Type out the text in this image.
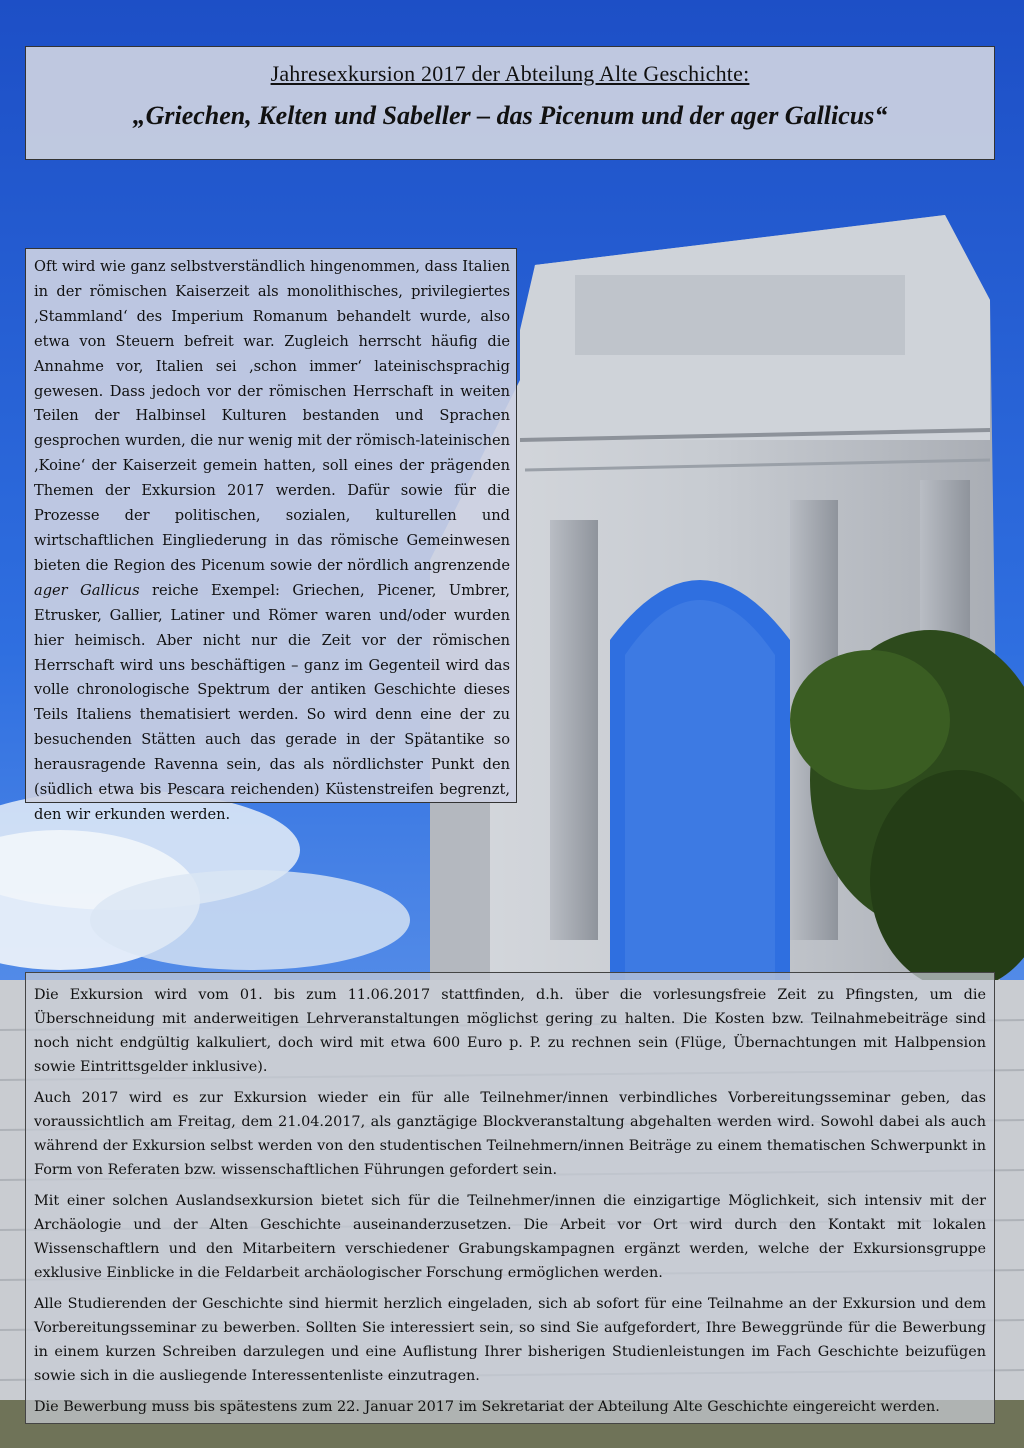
Jahresexkursion 2017 der Abteilung Alte Geschichte:
„Griechen, Kelten und Sabeller – das Picenum und der ager Gallicus“

Oft wird wie ganz selbstverständlich hingenommen, dass Italien in der römischen Kaiserzeit als monolithisches, privilegiertes ‚Stammland‘ des Imperium Romanum behandelt wurde, also etwa von Steuern befreit war. Zugleich herrscht häufig die Annahme vor, Italien sei ‚schon immer‘ lateinischsprachig gewesen. Dass jedoch vor der römischen Herrschaft in weiten Teilen der Halbinsel Kulturen bestanden und Sprachen gesprochen wurden, die nur wenig mit der römisch-lateinischen ‚Koine‘ der Kaiserzeit gemein hatten, soll eines der prägenden Themen der Exkursion 2017 werden. Dafür sowie für die Prozesse der politischen, sozialen, kulturellen und wirtschaftlichen Eingliederung in das römische Gemeinwesen bieten die Region des Picenum sowie der nördlich angrenzende ager Gallicus reiche Exempel: Griechen, Picener, Umbrer, Etrusker, Gallier, Latiner und Römer waren und/oder wurden hier heimisch. Aber nicht nur die Zeit vor der römischen Herrschaft wird uns beschäftigen – ganz im Gegenteil wird das volle chronologische Spektrum der antiken Geschichte dieses Teils Italiens thematisiert werden. So wird denn eine der zu besuchenden Stätten auch das gerade in der Spätantike so herausragende Ravenna sein, das als nördlichster Punkt den (südlich etwa bis Pescara reichenden) Küstenstreifen begrenzt, den wir erkunden werden.

Die Exkursion wird vom 01. bis zum 11.06.2017 stattfinden, d.h. über die vorlesungsfreie Zeit zu Pfingsten, um die Überschneidung mit anderweitigen Lehrveranstaltungen möglichst gering zu halten. Die Kosten bzw. Teilnahmebeiträge sind noch nicht endgültig kalkuliert, doch wird mit etwa 600 Euro p. P. zu rechnen sein (Flüge, Übernachtungen mit Halbpension sowie Eintrittsgelder inklusive).

Auch 2017 wird es zur Exkursion wieder ein für alle Teilnehmer/innen verbindliches Vorbereitungsseminar geben, das voraussichtlich am Freitag, dem 21.04.2017, als ganztägige Blockveranstaltung abgehalten werden wird. Sowohl dabei als auch während der Exkursion selbst werden von den studentischen Teilnehmern/innen Beiträge zu einem thematischen Schwerpunkt in Form von Referaten bzw. wissenschaftlichen Führungen gefordert sein.

Mit einer solchen Auslandsexkursion bietet sich für die Teilnehmer/innen die einzigartige Möglichkeit, sich intensiv mit der Archäologie und der Alten Geschichte auseinanderzusetzen. Die Arbeit vor Ort wird durch den Kontakt mit lokalen Wissenschaftlern und den Mitarbeitern verschiedener Grabungskampagnen ergänzt werden, welche der Exkursionsgruppe exklusive Einblicke in die Feldarbeit archäologischer Forschung ermöglichen werden.

Alle Studierenden der Geschichte sind hiermit herzlich eingeladen, sich ab sofort für eine Teilnahme an der Exkursion und dem Vorbereitungsseminar zu bewerben. Sollten Sie interessiert sein, so sind Sie aufgefordert, Ihre Beweggründe für die Bewerbung in einem kurzen Schreiben darzulegen und eine Auflistung Ihrer bisherigen Studienleistungen im Fach Geschichte beizufügen sowie sich in die ausliegende Interessentenliste einzutragen.

Die Bewerbung muss bis spätestens zum 22. Januar 2017 im Sekretariat der Abteilung Alte Geschichte eingereicht werden.
